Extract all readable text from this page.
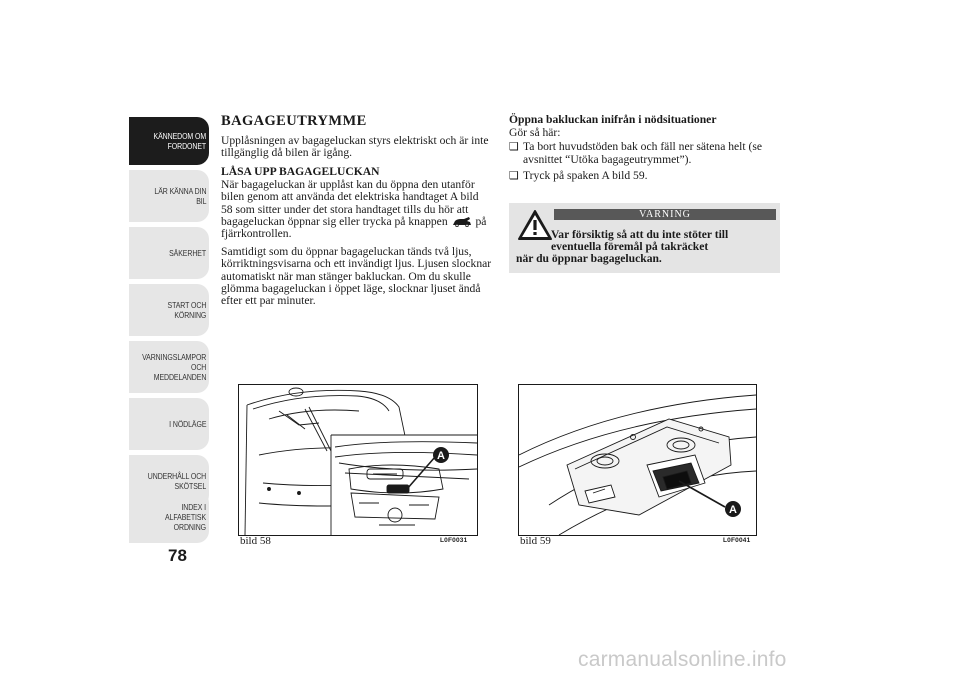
KÄNNEDOM OM
FORDONET
LÄR KÄNNA DIN
BIL
SÄKERHET
START OCH
KÖRNING
VARNINGSLAMPOR
OCH
MEDDELANDEN
I NÖDLÄGE
UNDERHÅLL OCH
SKÖTSEL
INDEX I
ALFABETISK
ORDNING
78
BAGAGEUTRYMME

Upplåsningen av bagageluckan styrs elektriskt och är inte tillgänglig då bilen är igång.

LÅSA UPP BAGAGELUCKAN

När bagageluckan är upplåst kan du öppna den utanför bilen genom att använda det elektriska handtaget A bild 58 som sitter under det stora handtaget tills du hör att bagageluckan öppnar sig eller trycka på knappen  på fjärrkontrollen.

Samtidigt som du öppnar bagageluckan tänds två ljus, körriktningsvisarna och ett invändigt ljus. Ljusen slocknar automatiskt när man stänger bakluckan. Om du skulle glömma bagageluckan i öppet läge, slocknar ljuset ändå efter ett par minuter.

Öppna bakluckan inifrån i nödsituationer

Gör så här:

❑ Ta bort huvudstöden bak och fäll ner sätena helt (se avsnittet “Utöka bagageutrymmet”).
❑ Tryck på spaken A bild 59.
VARNING
Var försiktig så att du inte stöter till
eventuella föremål på takräcket
när du öppnar bagageluckan.
A
bild 58	L0F0031
A
bild 59	L0F0041
carmanualsonline.info
